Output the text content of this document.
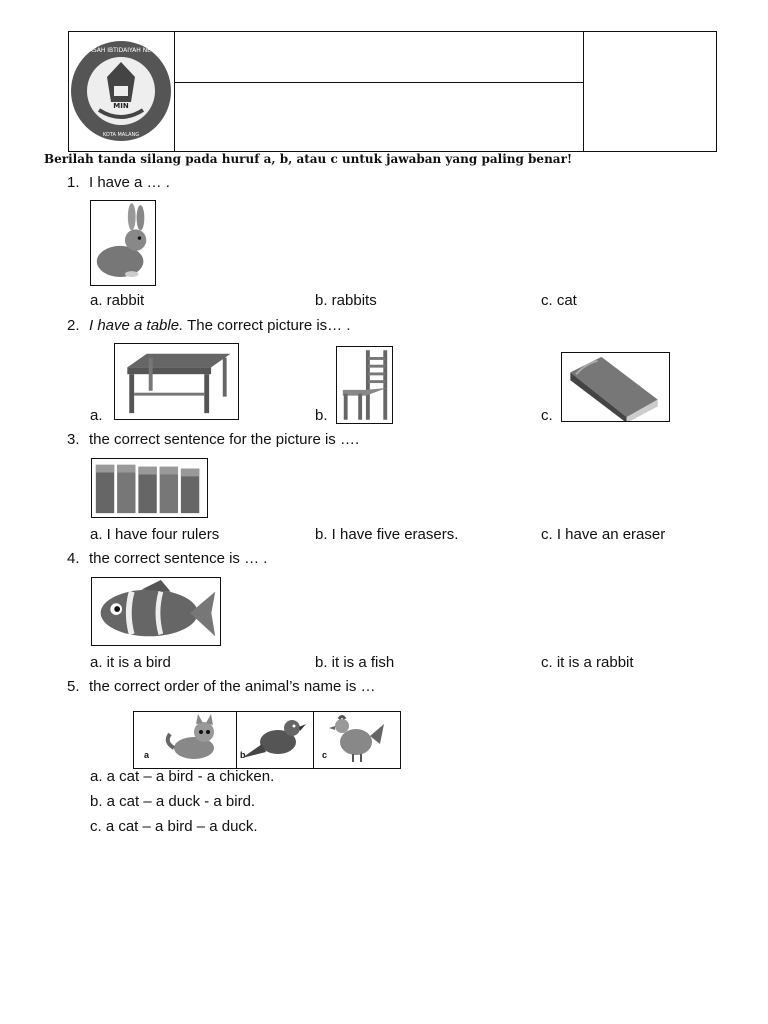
MADRASAH IBTIDAIYAH NEGERI 1
MIN
KOTA MALANG
Berilah tanda silang pada huruf a, b, atau c untuk jawaban yang paling benar!
1. I have a … .
a. rabbit	b. rabbits	c. cat
2. I have a table. The correct picture is… .
a.	b.	c.
3. the correct sentence for the picture is ….
a. I have four rulers	b. I have five erasers.	c. I have an eraser
4. the correct sentence is … .
a. it is a bird	b. it is a fish	c. it is a rabbit
5. the correct order of the animal’s name is …
a	b	c
a. a cat – a bird - a chicken.
b. a cat – a duck - a bird.
c. a cat – a bird – a duck.
